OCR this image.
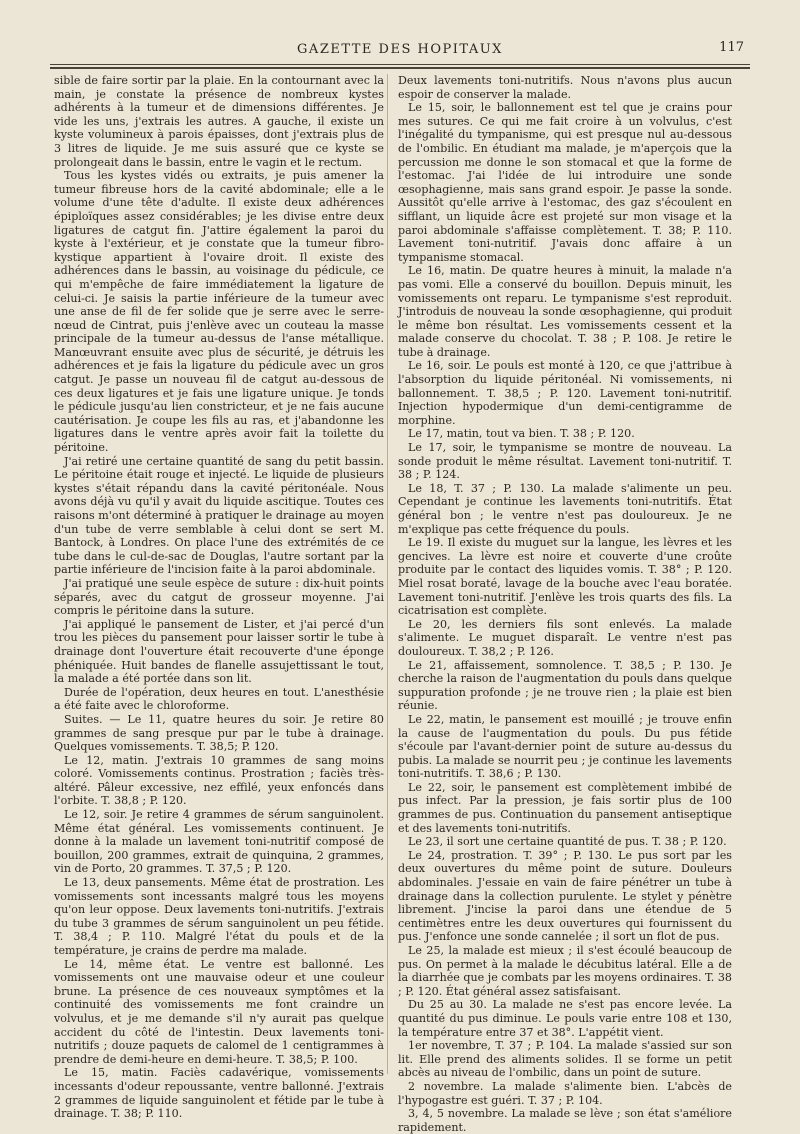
GAZETTE DES HOPITAUX	117

sible de faire sortir par la plaie. En la contournant avec la main, je constate la présence de nombreux kystes adhérents à la tumeur et de dimensions différentes. Je vide les uns, j'extrais les autres. A gauche, il existe un kyste volumineux à parois épaisses, dont j'extrais plus de 3 litres de liquide. Je me suis assuré que ce kyste se prolongeait dans le bassin, entre le vagin et le rectum.

Tous les kystes vidés ou extraits, je puis amener la tumeur fibreuse hors de la cavité abdominale; elle a le volume d'une tête d'adulte. Il existe deux adhérences épiploïques assez considérables; je les divise entre deux ligatures de catgut fin. J'attire également la paroi du kyste à l'extérieur, et je constate que la tumeur fibro-kystique appartient à l'ovaire droit. Il existe des adhérences dans le bassin, au voisinage du pédicule, ce qui m'empêche de faire immédiatement la ligature de celui-ci. Je saisis la partie inférieure de la tumeur avec une anse de fil de fer solide que je serre avec le serre-nœud de Cintrat, puis j'enlève avec un couteau la masse principale de la tumeur au-dessus de l'anse métallique. Manœuvrant ensuite avec plus de sécurité, je détruis les adhérences et je fais la ligature du pédicule avec un gros catgut. Je passe un nouveau fil de catgut au-dessous de ces deux ligatures et je fais une ligature unique. Je tonds le pédicule jusqu'au lien constricteur, et je ne fais aucune cautérisation. Je coupe les fils au ras, et j'abandonne les ligatures dans le ventre après avoir fait la toilette du péritoine.

J'ai retiré une certaine quantité de sang du petit bassin. Le péritoine était rouge et injecté. Le liquide de plusieurs kystes s'était répandu dans la cavité péritonéale. Nous avons déjà vu qu'il y avait du liquide ascitique. Toutes ces raisons m'ont déterminé à pratiquer le drainage au moyen d'un tube de verre semblable à celui dont se sert M. Bantock, à Londres. On place l'une des extrémités de ce tube dans le cul-de-sac de Douglas, l'autre sortant par la partie inférieure de l'incision faite à la paroi abdominale.

J'ai pratiqué une seule espèce de suture : dix-huit points séparés, avec du catgut de grosseur moyenne. J'ai compris le péritoine dans la suture.

J'ai appliqué le pansement de Lister, et j'ai percé d'un trou les pièces du pansement pour laisser sortir le tube à drainage dont l'ouverture était recouverte d'une éponge phéniquée. Huit bandes de flanelle assujettissant le tout, la malade a été portée dans son lit.

Durée de l'opération, deux heures en tout. L'anesthésie a été faite avec le chloroforme.

Suites. — Le 11, quatre heures du soir. Je retire 80 grammes de sang presque pur par le tube à drainage. Quelques vomissements. T. 38,5; P. 120.

Le 12, matin. J'extrais 10 grammes de sang moins coloré. Vomissements continus. Prostration ; faciès très-altéré. Pâleur excessive, nez effilé, yeux enfoncés dans l'orbite. T. 38,8 ; P. 120.

Le 12, soir. Je retire 4 grammes de sérum sanguinolent. Même état général. Les vomissements continuent. Je donne à la malade un lavement toni-nutritif composé de bouillon, 200 grammes, extrait de quinquina, 2 grammes, vin de Porto, 20 grammes. T. 37,5 ; P. 120.

Le 13, deux pansements. Même état de prostration. Les vomissements sont incessants malgré tous les moyens qu'on leur oppose. Deux lavements toni-nutritifs. J'extrais du tube 3 grammes de sérum sanguinolent un peu fétide. T. 38,4 ; P. 110. Malgré l'état du pouls et de la température, je crains de perdre ma malade.

Le 14, même état. Le ventre est ballonné. Les vomissements ont une mauvaise odeur et une couleur brune. La présence de ces nouveaux symptômes et la continuité des vomissements me font craindre un volvulus, et je me demande s'il n'y aurait pas quelque accident du côté de l'intestin. Deux lavements toni-nutritifs ; douze paquets de calomel de 1 centigrammes à prendre de demi-heure en demi-heure. T. 38,5; P. 100.

Le 15, matin. Faciès cadavérique, vomissements incessants d'odeur repoussante, ventre ballonné. J'extrais 2 grammes de liquide sanguinolent et fétide par le tube à drainage. T. 38; P. 110.

Deux lavements toni-nutritifs. Nous n'avons plus aucun espoir de conserver la malade.

Le 15, soir, le ballonnement est tel que je crains pour mes sutures. Ce qui me fait croire à un volvulus, c'est l'inégalité du tympanisme, qui est presque nul au-dessous de l'ombilic. En étudiant ma malade, je m'aperçois que la percussion me donne le son stomacal et que la forme de l'estomac. J'ai l'idée de lui introduire une sonde œsophagienne, mais sans grand espoir. Je passe la sonde. Aussitôt qu'elle arrive à l'estomac, des gaz s'écoulent en sifflant, un liquide âcre est projeté sur mon visage et la paroi abdominale s'affaisse complètement. T. 38; P. 110. Lavement toni-nutritif. J'avais donc affaire à un tympanisme stomacal.

Le 16, matin. De quatre heures à minuit, la malade n'a pas vomi. Elle a conservé du bouillon. Depuis minuit, les vomissements ont reparu. Le tympanisme s'est reproduit. J'introduis de nouveau la sonde œsophagienne, qui produit le même bon résultat. Les vomissements cessent et la malade conserve du chocolat. T. 38 ; P. 108. Je retire le tube à drainage.

Le 16, soir. Le pouls est monté à 120, ce que j'attribue à l'absorption du liquide péritonéal. Ni vomissements, ni ballonnement. T. 38,5 ; P. 120. Lavement toni-nutritif. Injection hypodermique d'un demi-centigramme de morphine.

Le 17, matin, tout va bien. T. 38 ; P. 120.

Le 17, soir, le tympanisme se montre de nouveau. La sonde produit le même résultat. Lavement toni-nutritif. T. 38 ; P. 124.

Le 18, T. 37 ; P. 130. La malade s'alimente un peu. Cependant je continue les lavements toni-nutritifs. État général bon ; le ventre n'est pas douloureux. Je ne m'explique pas cette fréquence du pouls.

Le 19. Il existe du muguet sur la langue, les lèvres et les gencives. La lèvre est noire et couverte d'une croûte produite par le contact des liquides vomis. T. 38° ; P. 120. Miel rosat boraté, lavage de la bouche avec l'eau boratée. Lavement toni-nutritif. J'enlève les trois quarts des fils. La cicatrisation est complète.

Le 20, les derniers fils sont enlevés. La malade s'alimente. Le muguet disparaît. Le ventre n'est pas douloureux. T. 38,2 ; P. 126.

Le 21, affaissement, somnolence. T. 38,5 ; P. 130. Je cherche la raison de l'augmentation du pouls dans quelque suppuration profonde ; je ne trouve rien ; la plaie est bien réunie.

Le 22, matin, le pansement est mouillé ; je trouve enfin la cause de l'augmentation du pouls. Du pus fétide s'écoule par l'avant-dernier point de suture au-dessus du pubis. La malade se nourrit peu ; je continue les lavements toni-nutritifs. T. 38,6 ; P. 130.

Le 22, soir, le pansement est complètement imbibé de pus infect. Par la pression, je fais sortir plus de 100 grammes de pus. Continuation du pansement antiseptique et des lavements toni-nutritifs.

Le 23, il sort une certaine quantité de pus. T. 38 ; P. 120.

Le 24, prostration. T. 39° ; P. 130. Le pus sort par les deux ouvertures du même point de suture. Douleurs abdominales. J'essaie en vain de faire pénétrer un tube à drainage dans la collection purulente. Le stylet y pénètre librement. J'incise la paroi dans une étendue de 5 centimètres entre les deux ouvertures qui fournissent du pus. J'enfonce une sonde cannelée ; il sort un flot de pus.

Le 25, la malade est mieux ; il s'est écoulé beaucoup de pus. On permet à la malade le décubitus latéral. Elle a de la diarrhée que je combats par les moyens ordinaires. T. 38 ; P. 120. État général assez satisfaisant.

Du 25 au 30. La malade ne s'est pas encore levée. La quantité du pus diminue. Le pouls varie entre 108 et 130, la température entre 37 et 38°. L'appétit vient.

1er novembre, T. 37 ; P. 104. La malade s'assied sur son lit. Elle prend des aliments solides. Il se forme un petit abcès au niveau de l'ombilic, dans un point de suture.

2 novembre. La malade s'alimente bien. L'abcès de l'hypogastre est guéri. T. 37 ; P. 104.

3, 4, 5 novembre. La malade se lève ; son état s'améliore rapidement.
